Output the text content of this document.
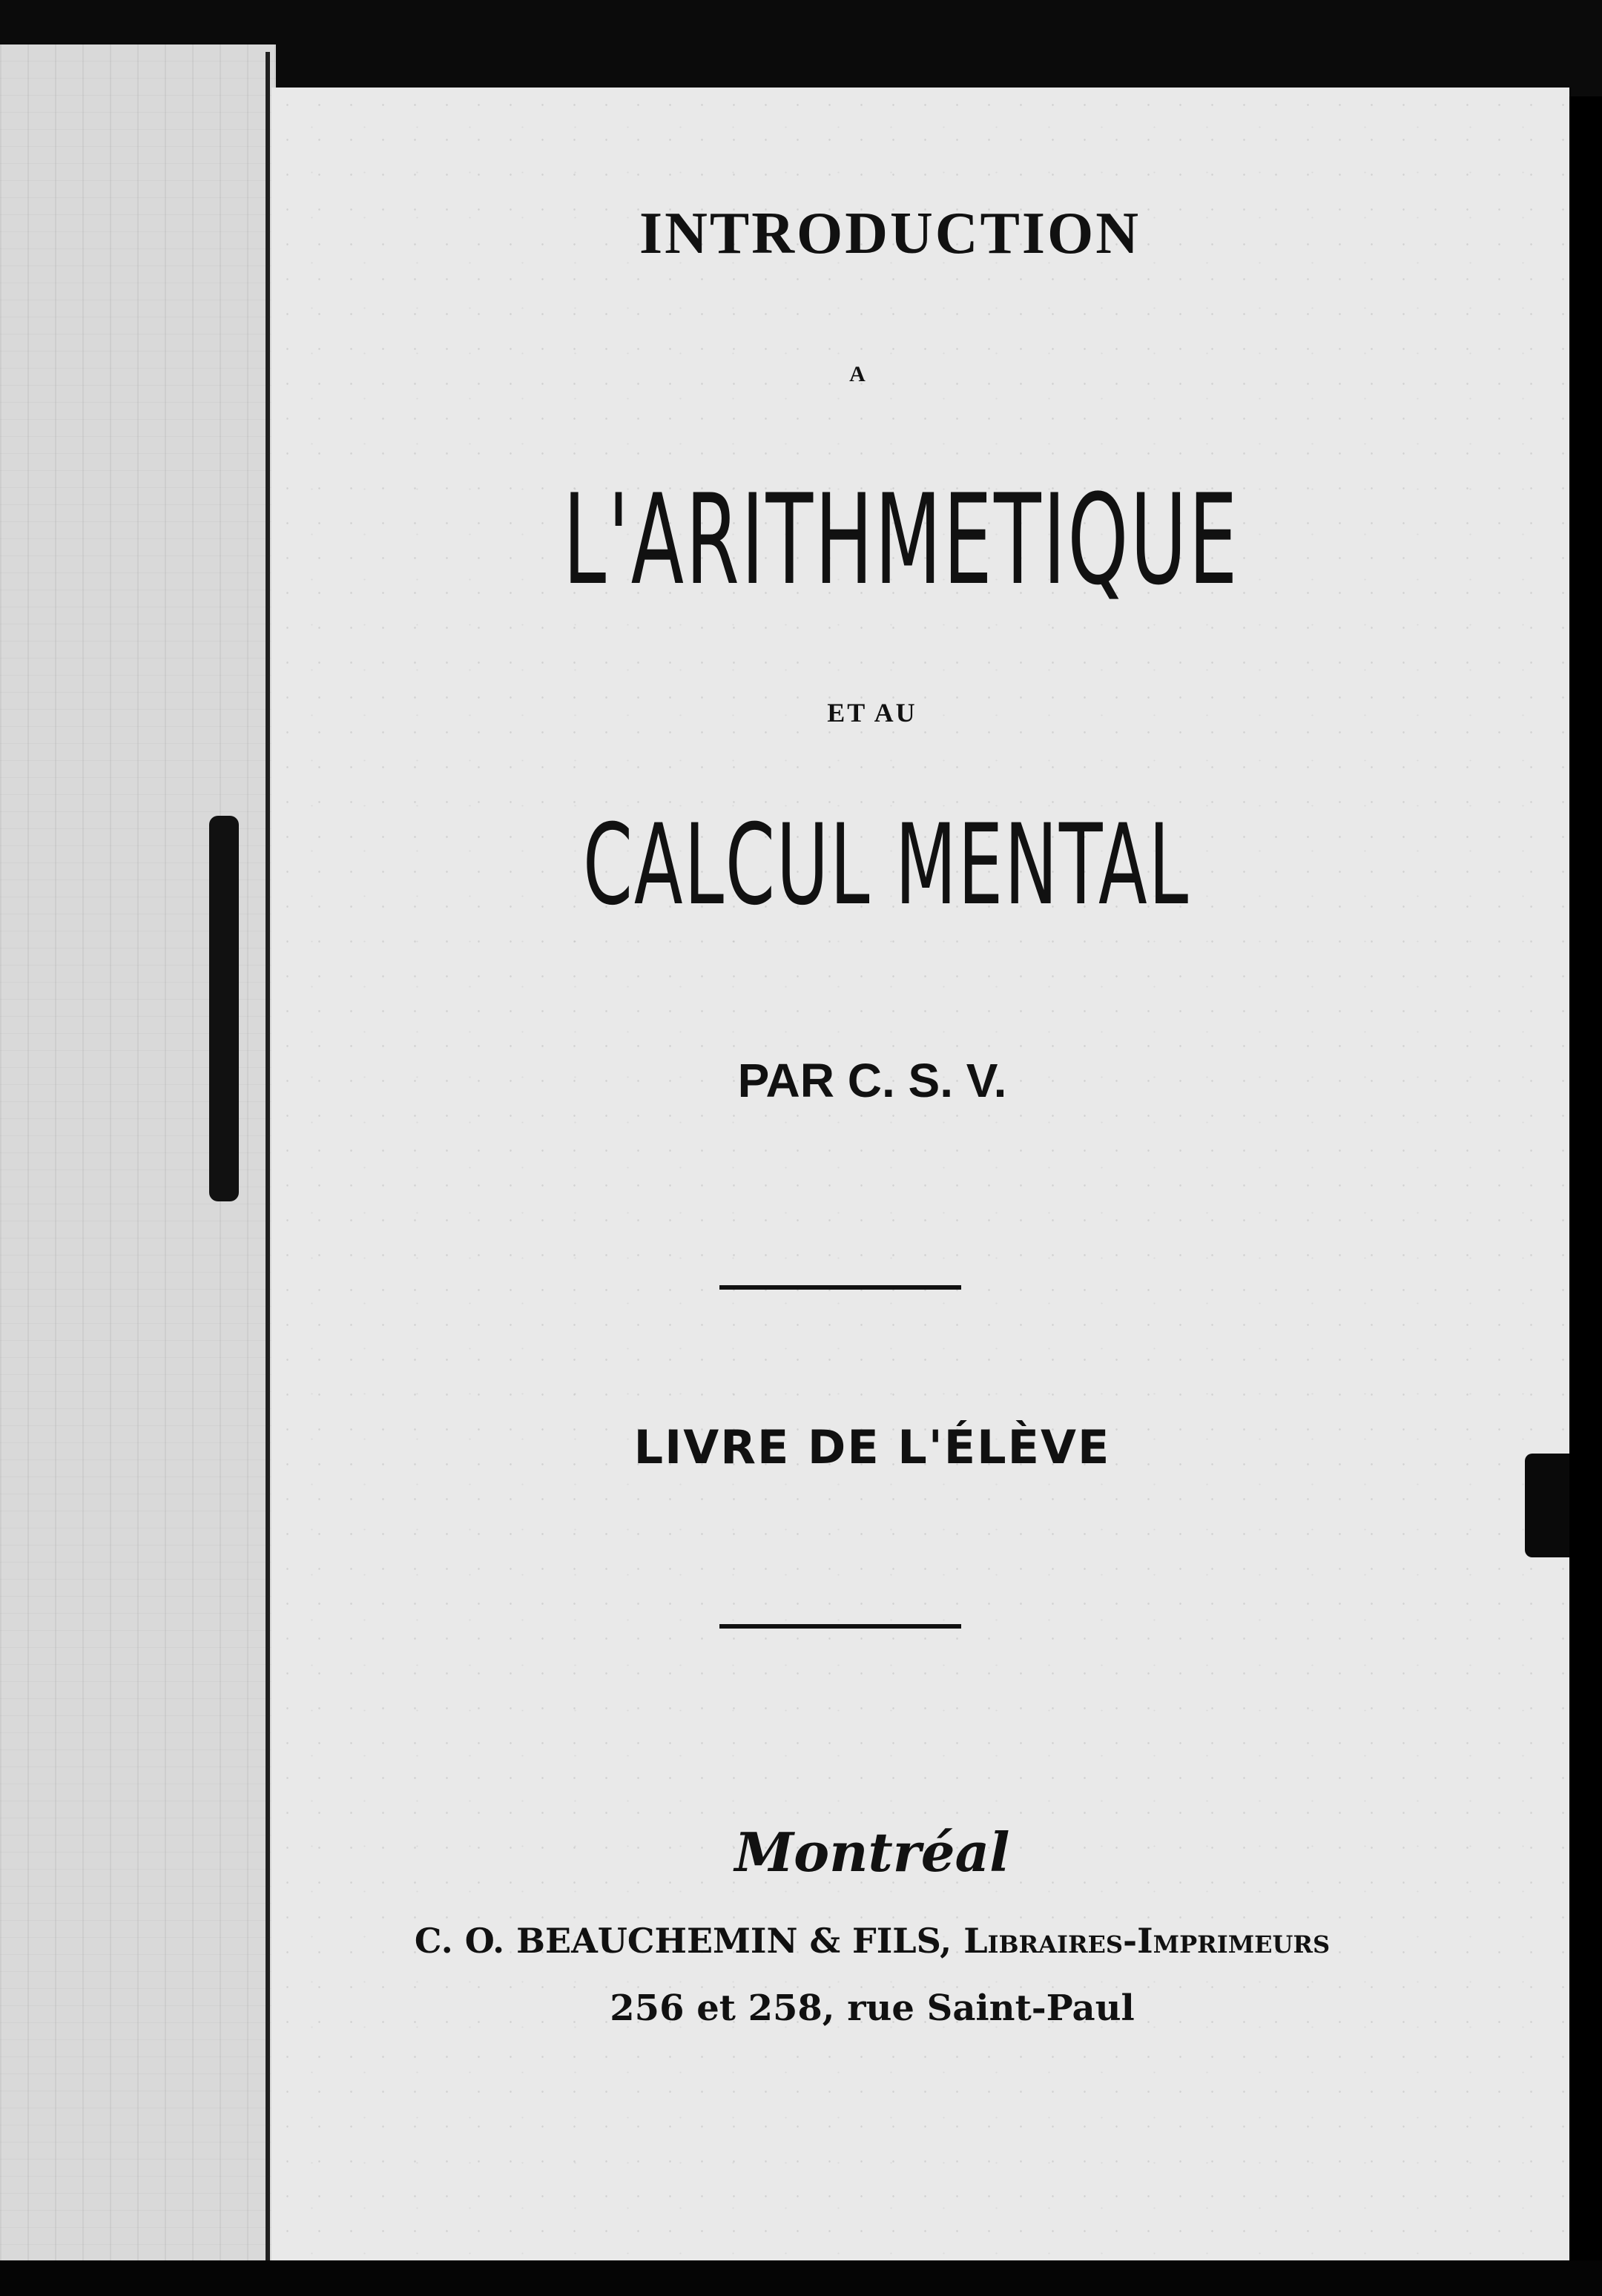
INTRODUCTION
A
L'ARITHMETIQUE
ET AU
CALCUL MENTAL
PAR C. S. V.
LIVRE DE L'ÉLÈVE
Montréal
C. O. BEAUCHEMIN & FILS, Libraires-Imprimeurs
256 et 258, rue Saint-Paul
